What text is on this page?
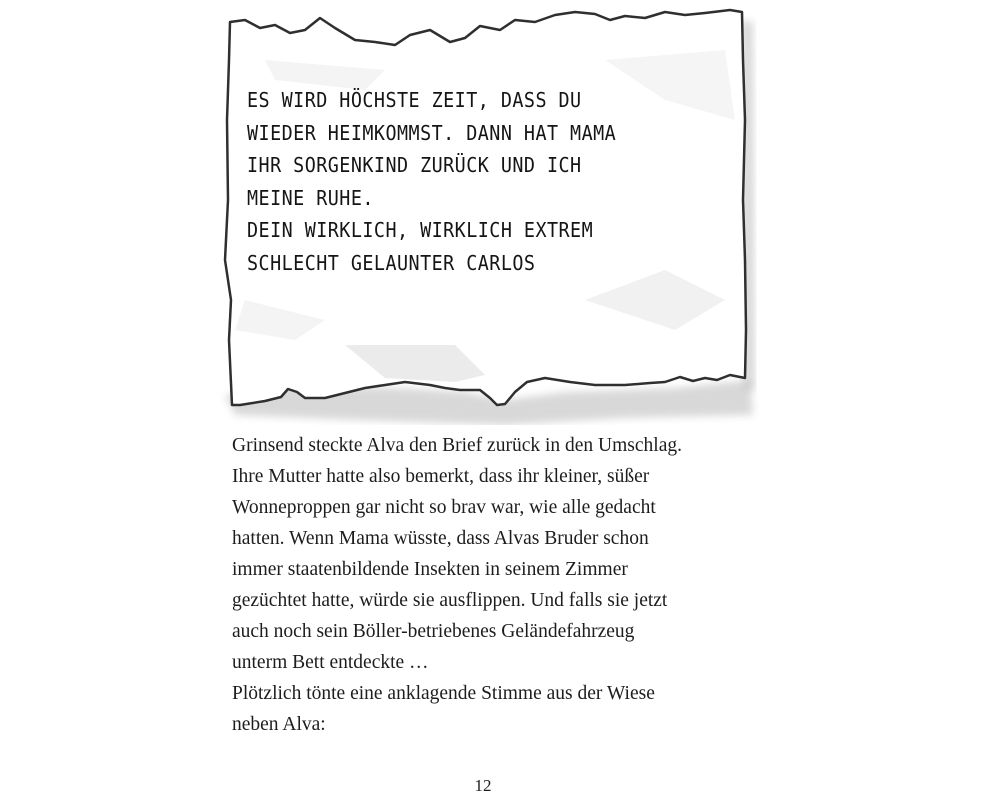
ES WIRD HÖCHSTE ZEIT, DASS DU
WIEDER HEIMKOMMST. DANN HAT MAMA
IHR SORGENKIND ZURÜCK UND ICH
MEINE RUHE.
DEIN WIRKLICH, WIRKLICH EXTREM
SCHLECHT GELAUNTER CARLOS
Grinsend steckte Alva den Brief zurück in den Umschlag.
Ihre Mutter hatte also bemerkt, dass ihr kleiner, süßer
Wonneproppen gar nicht so brav war, wie alle gedacht
hatten. Wenn Mama wüsste, dass Alvas Bruder schon
immer staatenbildende Insekten in seinem Zimmer
gezüchtet hatte, würde sie ausflippen. Und falls sie jetzt
auch noch sein Böller-betriebenes Geländefahrzeug
unterm Bett entdeckte …
Plötzlich tönte eine anklagende Stimme aus der Wiese
neben Alva:
12
